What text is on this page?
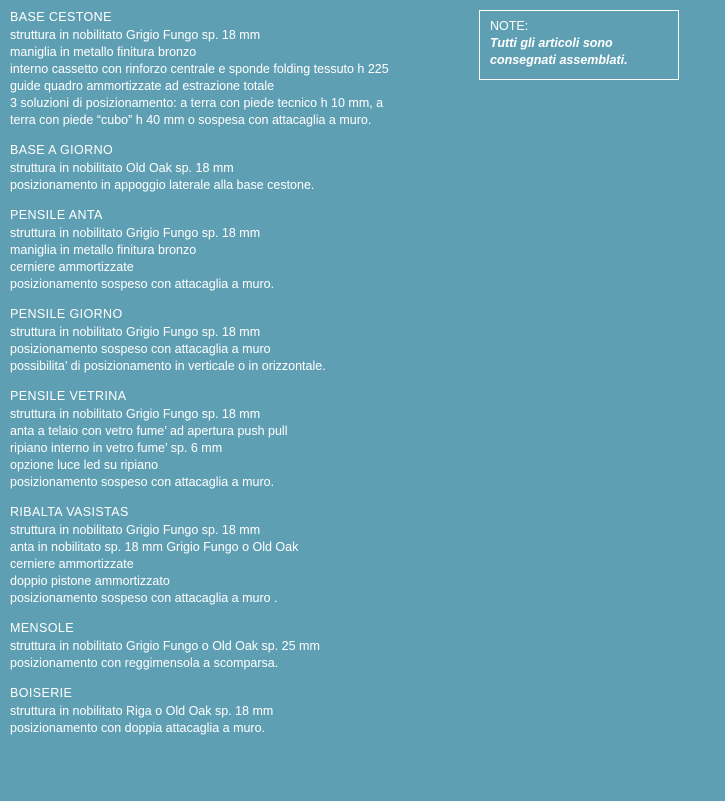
BASE CESTONE
struttura in nobilitato Grigio Fungo sp. 18 mm
maniglia in metallo finitura bronzo
interno cassetto con rinforzo centrale e sponde folding tessuto h 225
guide quadro ammortizzate ad estrazione totale
3 soluzioni di posizionamento: a terra con piede tecnico h 10 mm, a
terra con piede “cubo” h 40 mm o sospesa con attacaglia a muro.
BASE A GIORNO
struttura in nobilitato Old Oak sp. 18 mm
posizionamento in appoggio laterale alla base cestone.
PENSILE ANTA
struttura in nobilitato Grigio Fungo sp. 18 mm
maniglia in metallo finitura bronzo
cerniere ammortizzate
posizionamento sospeso con attacaglia a muro.
PENSILE GIORNO
struttura in nobilitato Grigio Fungo sp. 18 mm
posizionamento sospeso con attacaglia a muro
possibilita’ di posizionamento in verticale o in orizzontale.
PENSILE VETRINA
struttura in nobilitato Grigio Fungo sp. 18 mm
anta a telaio con vetro fume’ ad apertura push pull
ripiano interno in vetro fume’ sp. 6 mm
opzione luce led su ripiano
posizionamento sospeso con attacaglia a muro.
RIBALTA VASISTAS
struttura in nobilitato Grigio Fungo sp. 18 mm
anta in nobilitato sp. 18 mm Grigio Fungo o Old Oak
cerniere ammortizzate
doppio pistone ammortizzato
posizionamento sospeso con attacaglia a muro .
MENSOLE
struttura in nobilitato Grigio Fungo o Old Oak sp. 25 mm
posizionamento con reggimensola a scomparsa.
BOISERIE
struttura in nobilitato Riga o Old Oak sp. 18 mm
posizionamento con doppia attacaglia a muro.
NOTE:
Tutti gli articoli sono consegnati assemblati.
